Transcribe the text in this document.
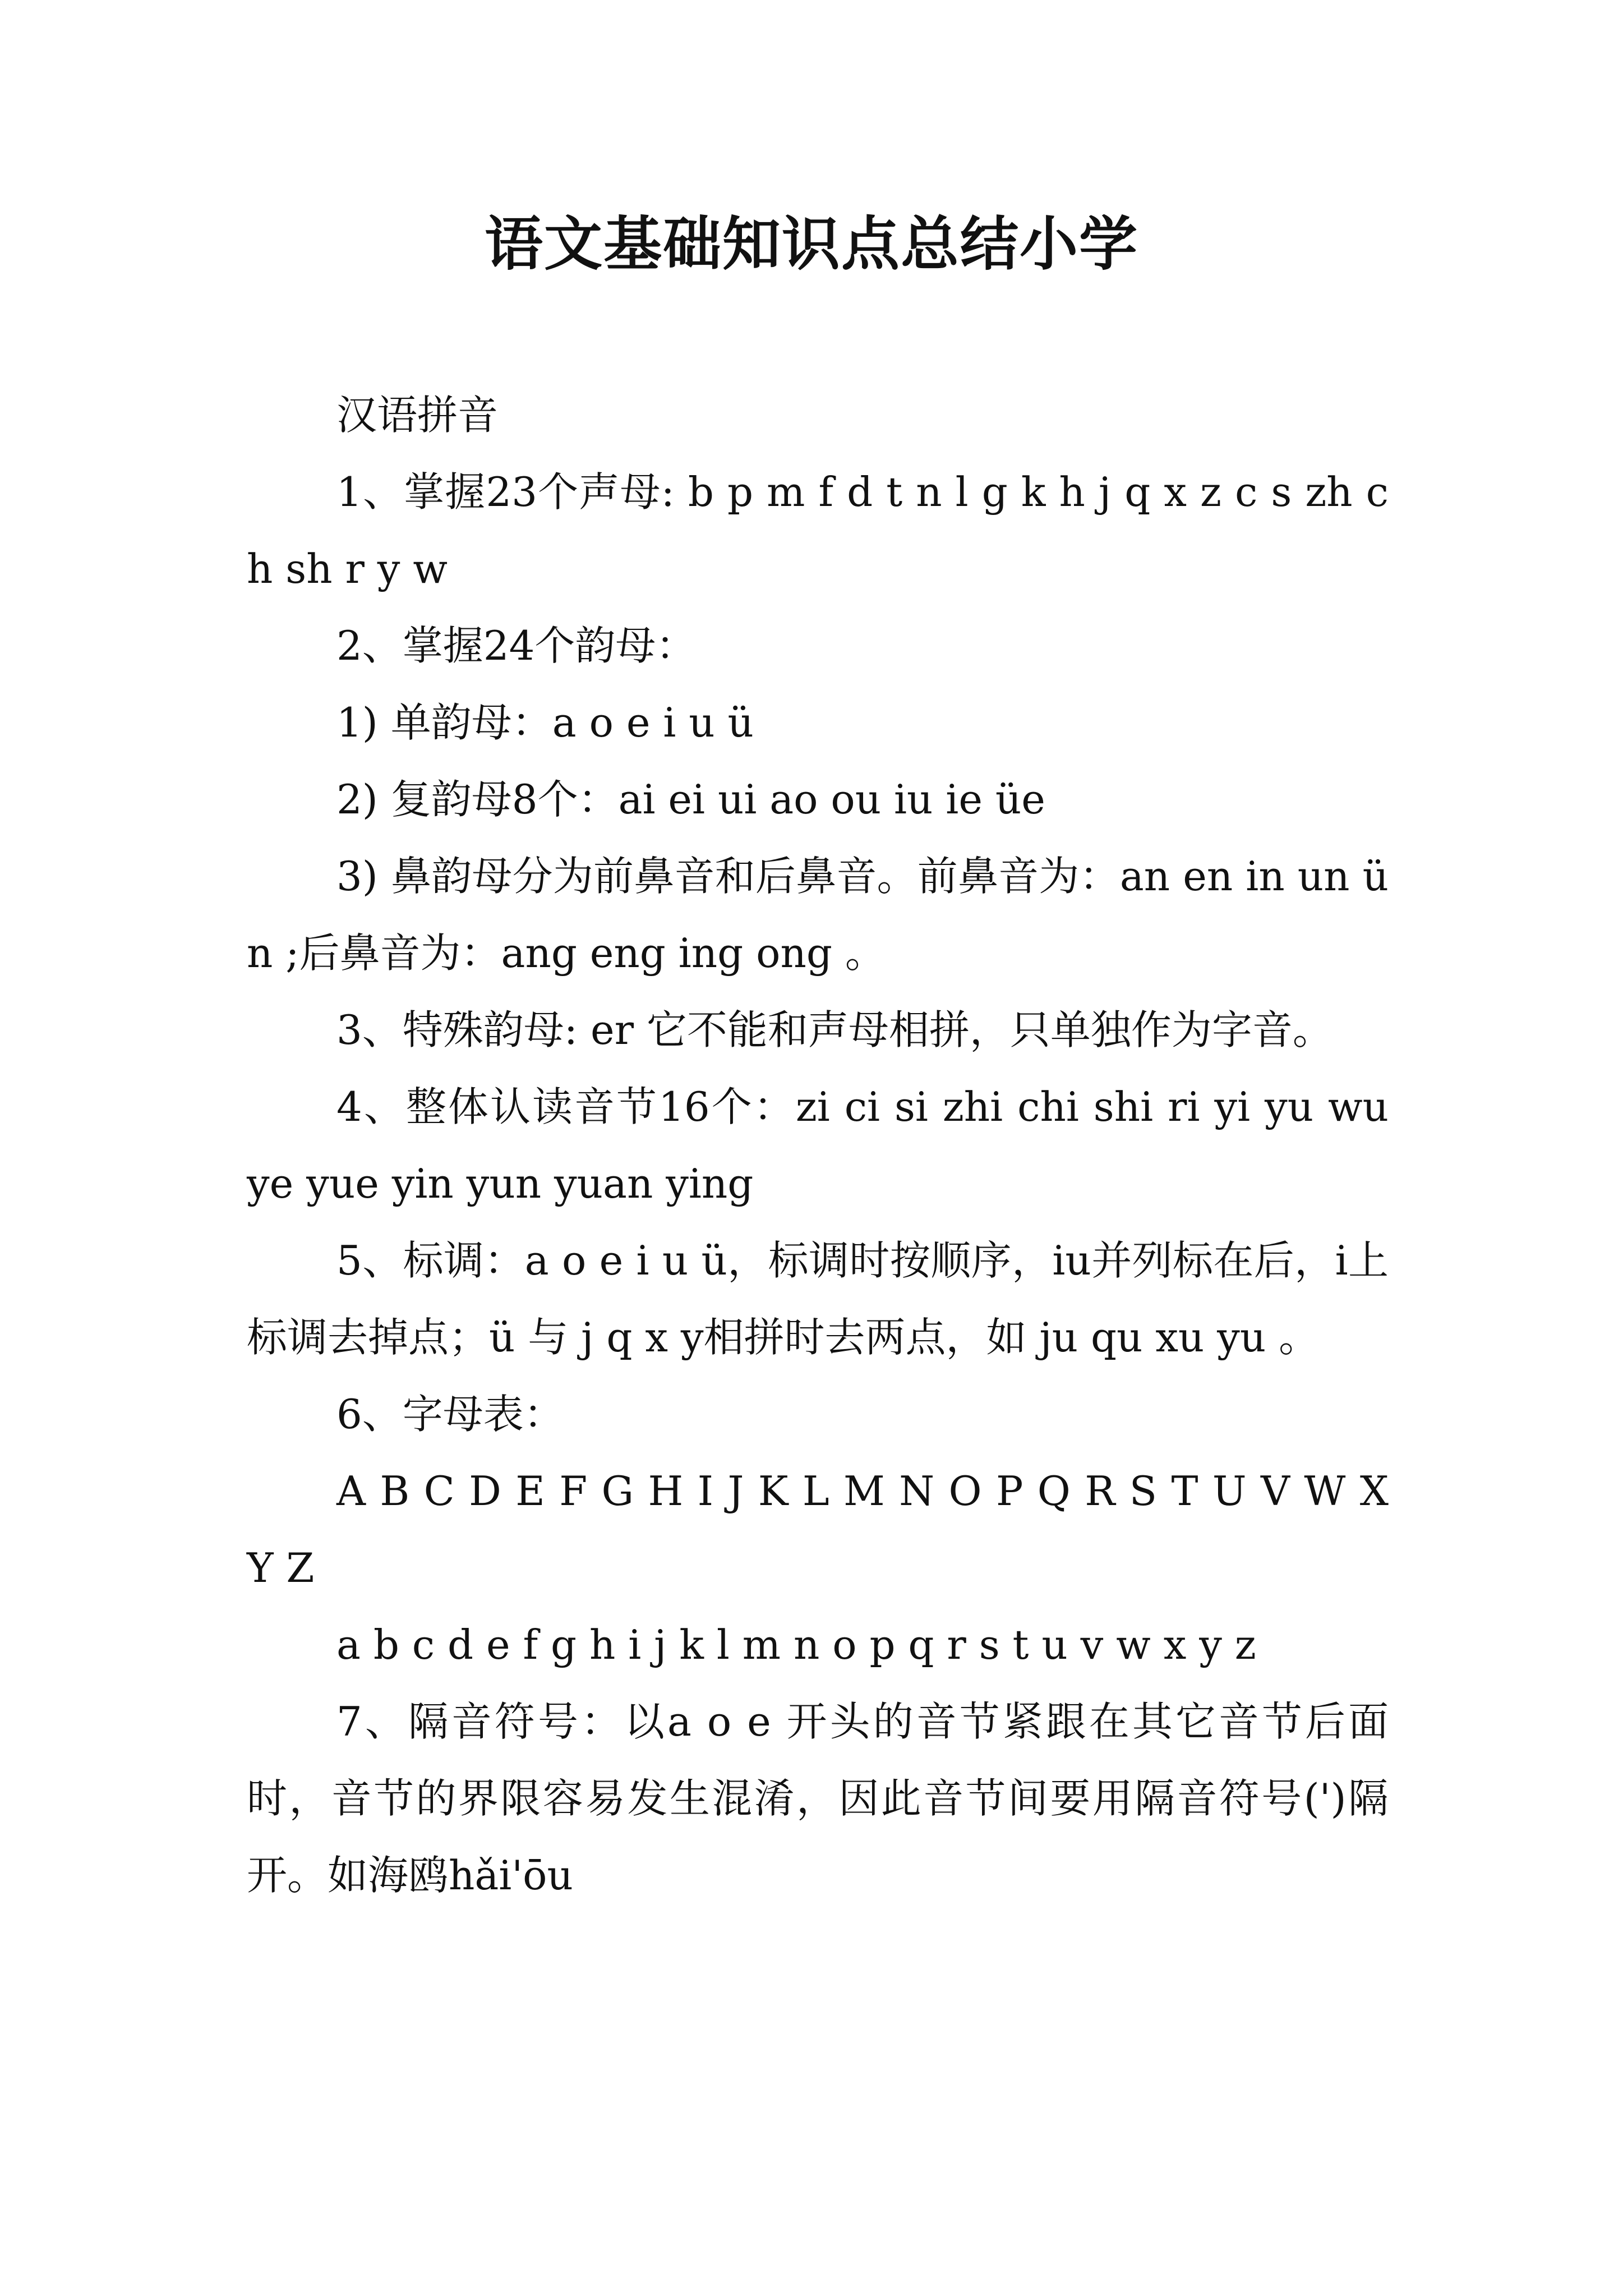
语文基础知识点总结小学

汉语拼音

1、掌握23个声母: b p m f d t n l g k h j q x z c s zh ch sh r y w

2、掌握24个韵母：

1) 单韵母：a o e i u ü

2) 复韵母8个：ai ei ui ao ou iu ie üe

3) 鼻韵母分为前鼻音和后鼻音。前鼻音为：an en in un ün ;后鼻音为：ang eng ing ong 。

3、特殊韵母: er 它不能和声母相拼，只单独作为字音。

4、整体认读音节16个：zi ci si zhi chi shi ri yi yu wu ye yue yin yun yuan ying

5、标调：a o e i u ü，标调时按顺序，iu并列标在后，i上标调去掉点；ü 与 j q x y相拼时去两点，如 ju qu xu yu 。

6、字母表：

A B C D E F G H I J K L M N O P Q R S T U V W X Y Z

a b c d e f g h i j k l m n o p q r s t u v w x y z

7、隔音符号：以a o e 开头的音节紧跟在其它音节后面时，音节的界限容易发生混淆，因此音节间要用隔音符号(')隔开。如海鸥hǎi'ōu
